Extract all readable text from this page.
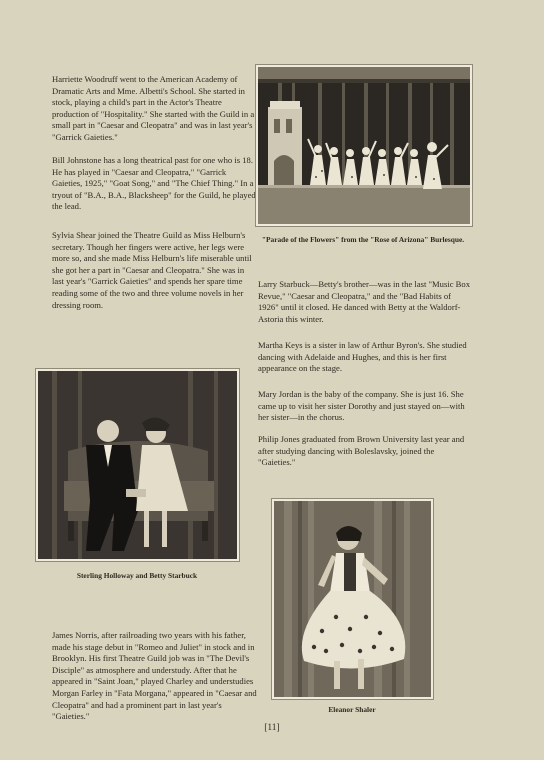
Harriette Woodruff went to the American Academy of Dramatic Arts and Mme. Albetti's School. She started in stock, playing a child's part in the Actor's Theatre production of "Hospitality." She started with the Guild in a small part in "Caesar and Cleopatra" and was in last year's "Garrick Gaieties."

Bill Johnstone has a long theatrical past for one who is 18. He has played in "Caesar and Cleopatra," "Garrick Gaieties, 1925," "Goat Song," and "The Chief Thing." In a tryout of "B.A., B.A., Blacksheep" for the Guild, he played the lead.

Sylvia Shear joined the Theatre Guild as Miss Helburn's secretary. Though her fingers were active, her legs were more so, and she made Miss Helburn's life miserable until she got her a part in "Caesar and Cleopatra." She was in last year's "Garrick Gaieties" and spends her spare time reading some of the two and three volume novels in her dressing room.

James Norris, after railroading two years with his father, made his stage debut in "Romeo and Juliet" in stock and in Brooklyn. His first Theatre Guild job was in "The Devil's Disciple" as atmosphere and understudy. After that he appeared in "Saint Joan," played Charley and understudies Morgan Farley in "Fata Morgana," appeared in "Caesar and Cleopatra" and had a prominent part in last year's "Gaieties."

Larry Starbuck—Betty's brother—was in the last "Music Box Revue," "Caesar and Cleopatra," and the "Bad Habits of 1926" until it closed. He danced with Betty at the Waldorf-Astoria this winter.

Martha Keys is a sister in law of Arthur Byron's. She studied dancing with Adelaide and Hughes, and this is her first appearance on the stage.

Mary Jordan is the baby of the company. She is just 16. She came up to visit her sister Dorothy and just stayed on—with her sister—in the chorus.

Philip Jones graduated from Brown University last year and after studying dancing with Boleslavsky, joined the "Gaieties."

"Parade of the Flowers" from the "Rose of Arizona" Burlesque.

Sterling Holloway and Betty Starbuck

Eleanor Shaler

[11]
